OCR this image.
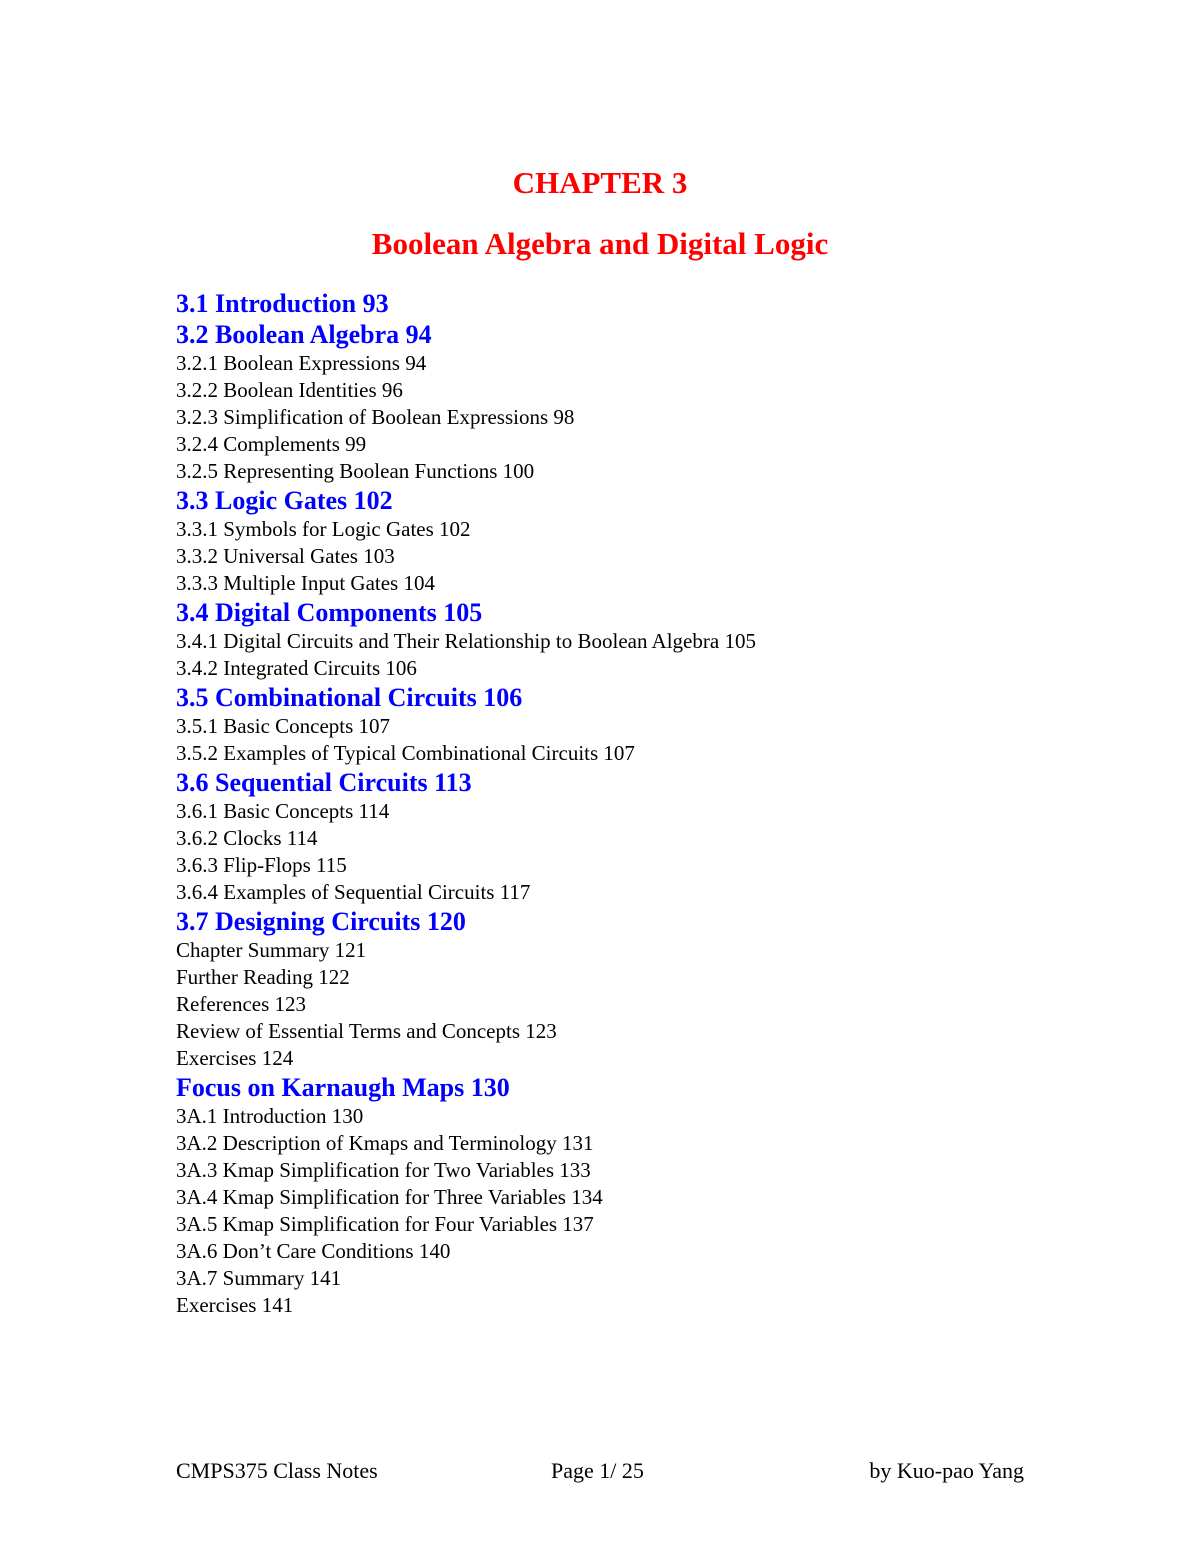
CHAPTER 3
Boolean Algebra and Digital Logic
3.1 Introduction 93
3.2 Boolean Algebra 94
3.2.1 Boolean Expressions 94
3.2.2 Boolean Identities 96
3.2.3 Simplification of Boolean Expressions 98
3.2.4 Complements 99
3.2.5 Representing Boolean Functions 100
3.3 Logic Gates 102
3.3.1 Symbols for Logic Gates 102
3.3.2 Universal Gates 103
3.3.3 Multiple Input Gates 104
3.4 Digital Components 105
3.4.1 Digital Circuits and Their Relationship to Boolean Algebra 105
3.4.2 Integrated Circuits 106
3.5 Combinational Circuits 106
3.5.1 Basic Concepts 107
3.5.2 Examples of Typical Combinational Circuits 107
3.6 Sequential Circuits 113
3.6.1 Basic Concepts 114
3.6.2 Clocks 114
3.6.3 Flip-Flops 115
3.6.4 Examples of Sequential Circuits 117
3.7 Designing Circuits 120
Chapter Summary 121
Further Reading 122
References 123
Review of Essential Terms and Concepts 123
Exercises 124
Focus on Karnaugh Maps 130
3A.1 Introduction 130
3A.2 Description of Kmaps and Terminology 131
3A.3 Kmap Simplification for Two Variables 133
3A.4 Kmap Simplification for Three Variables 134
3A.5 Kmap Simplification for Four Variables 137
3A.6 Don’t Care Conditions 140
3A.7 Summary 141
Exercises 141
CMPS375 Class Notes	Page 1/ 25	by Kuo-pao Yang
